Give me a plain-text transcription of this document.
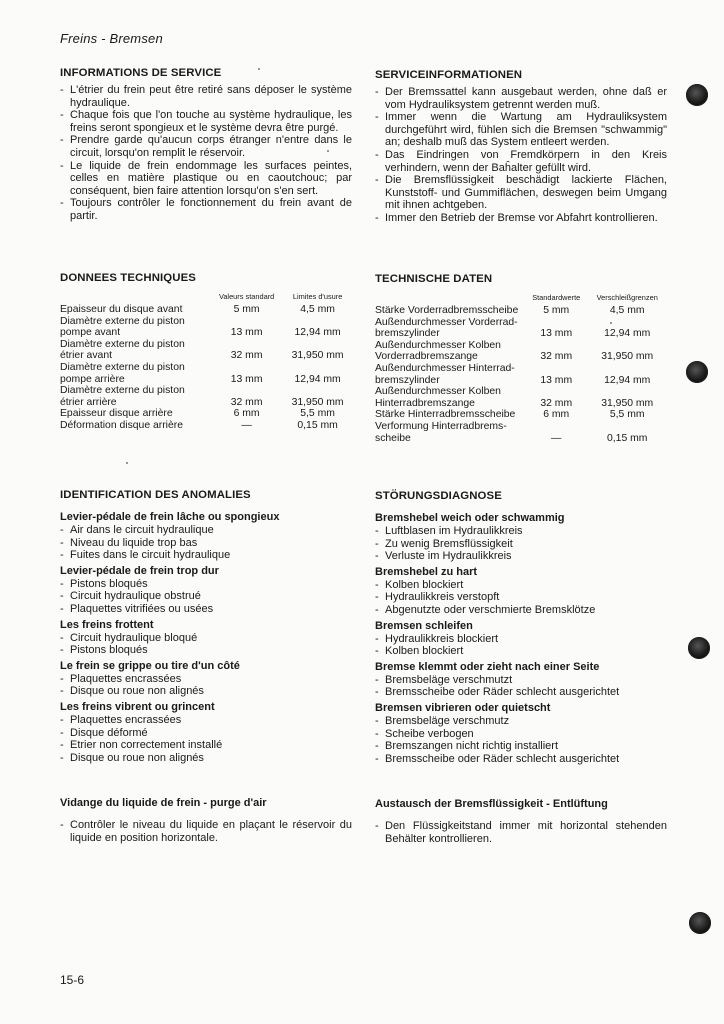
Freins - Bremsen
INFORMATIONS DE SERVICE
- L'étrier du frein peut être retiré sans déposer le système hydraulique.
- Chaque fois que l'on touche au système hydraulique, les freins seront spongieux et le système devra être purgé.
- Prendre garde qu'aucun corps étranger n'entre dans le circuit, lorsqu'on remplit le réservoir.
- Le liquide de frein endommage les surfaces peintes, celles en matière plastique ou en caoutchouc; par conséquent, bien faire attention lorsqu'on s'en sert.
- Toujours contrôler le fonctionnement du frein avant de partir.
DONNEES TECHNIQUES
	Valeurs standard	Limites d'usure
Epaisseur du disque avant	5 mm	4,5 mm
Diamètre externe du piston pompe avant	13 mm	12,94 mm
Diamètre externe du piston étrier avant	32 mm	31,950 mm
Diamètre externe du piston pompe arrière	13 mm	12,94 mm
Diamètre externe du piston étrier arrière	32 mm	31,950 mm
Epaisseur disque arrière	6 mm	5,5 mm
Déformation disque arrière	—	0,15 mm
IDENTIFICATION DES ANOMALIES
Levier-pédale de frein lâche ou spongieux
- Air dans le circuit hydraulique
- Niveau du liquide trop bas
- Fuites dans le circuit hydraulique
Levier-pédale de frein trop dur
- Pistons bloqués
- Circuit hydraulique obstrué
- Plaquettes vitrifiées ou usées
Les freins frottent
- Circuit hydraulique bloqué
- Pistons bloqués
Le frein se grippe ou tire d'un côté
- Plaquettes encrassées
- Disque ou roue non alignés
Les freins vibrent ou grincent
- Plaquettes encrassées
- Disque déformé
- Etrier non correctement installé
- Disque ou roue non alignés
Vidange du liquide de frein - purge d'air
- Contrôler le niveau du liquide en plaçant le réservoir du liquide en position horizontale.
SERVICEINFORMATIONEN
- Der Bremssattel kann ausgebaut werden, ohne daß er vom Hydrauliksystem getrennt werden muß.
- Immer wenn die Wartung am Hydrauliksystem durchgeführt wird, fühlen sich die Bremsen "schwammig" an; deshalb muß das System entleert werden.
- Das Eindringen von Fremdkörpern in den Kreis verhindern, wenn der Baĥalter gefüllt wird.
- Die Bremsflüssigkeit beschädigt lackierte Flächen, Kunststoff- und Gummiflächen, deswegen beim Umgang mit ihnen achtgeben.
- Immer den Betrieb der Bremse vor Abfahrt kontrollieren.
TECHNISCHE DATEN
	Standardwerte	Verschleißgrenzen
Stärke Vorderradbremsscheibe	5 mm	4,5 mm
Außendurchmesser Vorderrad-bremszylinder	13 mm	12,94 mm
Außendurchmesser Kolben Vorderradbremszange	32 mm	31,950 mm
Außendurchmesser Hinterrad-bremszylinder	13 mm	12,94 mm
Außendurchmesser Kolben Hinterradbremszange	32 mm	31,950 mm
Stärke Hinterradbremsscheibe	6 mm	5,5 mm
Verformung Hinterradbrems-scheibe	—	0,15 mm
STÖRUNGSDIAGNOSE
Bremshebel weich oder schwammig
- Luftblasen im Hydraulikkreis
- Zu wenig Bremsflüssigkeit
- Verluste im Hydraulikkreis
Bremshebel zu hart
- Kolben blockiert
- Hydraulikkreis verstopft
- Abgenutzte oder verschmierte Bremsklötze
Bremsen schleifen
- Hydraulikkreis blockiert
- Kolben blockiert
Bremse klemmt oder zieht nach einer Seite
- Bremsbeläge verschmutzt
- Bremsscheibe oder Räder schlecht ausgerichtet
Bremsen vibrieren oder quietscht
- Bremsbeläge verschmutz
- Scheibe verbogen
- Bremszangen nicht richtig installiert
- Bremsscheibe oder Räder schlecht ausgerichtet
Austausch der Bremsflüssigkeit - Entlüftung
- Den Flüssigkeitstand immer mit horizontal stehenden Behälter kontrollieren.
15-6
